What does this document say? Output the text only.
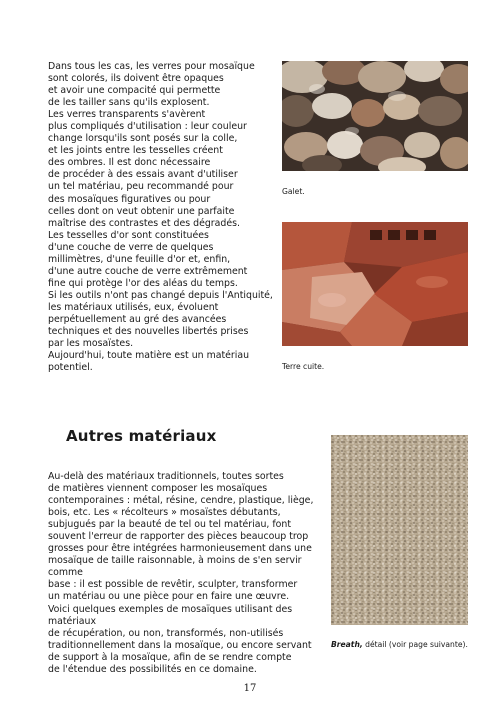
Dans tous les cas, les verres pour mosaïque
sont colorés, ils doivent être opaques
et avoir une compacité qui permette
de les tailler sans qu'ils explosent.
Les verres transparents s'avèrent
plus compliqués d'utilisation : leur couleur
change lorsqu'ils sont posés sur la colle,
et les joints entre les tesselles créent
des ombres. Il est donc nécessaire
de procéder à des essais avant d'utiliser
un tel matériau, peu recommandé pour
des mosaïques figuratives ou pour
celles dont on veut obtenir une parfaite
maîtrise des contrastes et des dégradés.
Les tesselles d'or sont constituées
d'une couche de verre de quelques
millimètres, d'une feuille d'or et, enfin,
d'une autre couche de verre extrêmement
fine qui protège l'or des aléas du temps.
Si les outils n'ont pas changé depuis l'Antiquité,
les matériaux utilisés, eux, évoluent
perpétuellement au gré des avancées
techniques et des nouvelles libertés prises
par les mosaïstes.
Aujourd'hui, toute matière est un matériau
potentiel.
Galet.
Terre cuite.
Autres matériaux
Au-delà des matériaux traditionnels, toutes sortes
de matières viennent composer les mosaïques
contemporaines : métal, résine, cendre, plastique, liège,
bois, etc. Les « récolteurs » mosaïstes débutants,
subjugués par la beauté de tel ou tel matériau, font
souvent l'erreur de rapporter des pièces beaucoup trop
grosses pour être intégrées harmonieusement dans une
mosaïque de taille raisonnable, à moins de s'en servir comme
base : il est possible de revêtir, sculpter, transformer
un matériau ou une pièce pour en faire une œuvre.
Voici quelques exemples de mosaïques utilisant des matériaux
de récupération, ou non, transformés, non-utilisés
traditionnellement dans la mosaïque, ou encore servant
de support à la mosaïque, afin de se rendre compte
de l'étendue des possibilités en ce domaine.
Breath, détail (voir page suivante).
17
